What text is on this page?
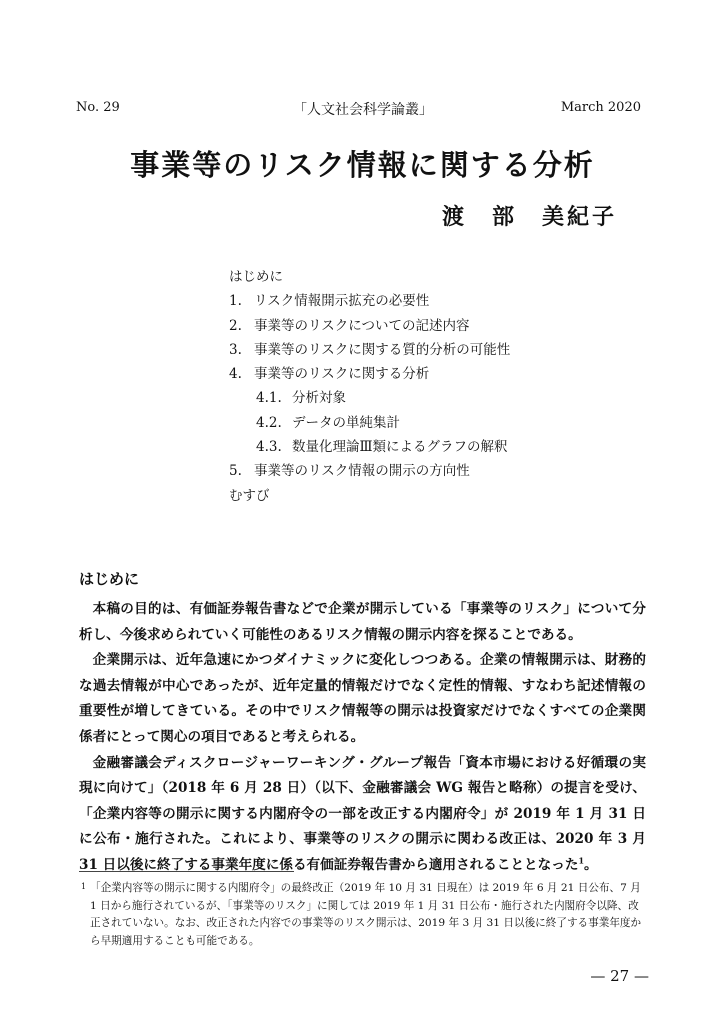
No. 29	「人文社会科学論叢」	March 2020
事業等のリスク情報に関する分析
渡　部　美紀子
はじめに
1. リスク情報開示拡充の必要性
2. 事業等のリスクについての記述内容
3. 事業等のリスクに関する質的分析の可能性
4. 事業等のリスクに関する分析
4.1. 分析対象
4.2. データの単純集計
4.3. 数量化理論Ⅲ類によるグラフの解釈
5. 事業等のリスク情報の開示の方向性
むすび
はじめに

本稿の目的は、有価証券報告書などで企業が開示している「事業等のリスク」について分析し、今後求められていく可能性のあるリスク情報の開示内容を探ることである。

企業開示は、近年急速にかつダイナミックに変化しつつある。企業の情報開示は、財務的な過去情報が中心であったが、近年定量的情報だけでなく定性的情報、すなわち記述情報の重要性が増してきている。その中でリスク情報等の開示は投資家だけでなくすべての企業関係者にとって関心の項目であると考えられる。

金融審議会ディスクロージャーワーキング・グループ報告「資本市場における好循環の実現に向けて」（2018 年 6 月 28 日）（以下、金融審議会 WG 報告と略称）の提言を受け、「企業内容等の開示に関する内閣府令の一部を改正する内閣府令」が 2019 年 1 月 31 日に公布・施行された。これにより、事業等のリスクの開示に関わる改正は、2020 年 3 月 31 日以後に終了する事業年度に係る有価証券報告書から適用されることとなった$^1$。

1 「企業内容等の開示に関する内閣府令」の最終改正（2019 年 10 月 31 日現在）は 2019 年 6 月 21 日公布、7 月 1 日から施行されているが、「事業等のリスク」に関しては 2019 年 1 月 31 日公布・施行された内閣府令以降、改正されていない。なお、改正された内容での事業等のリスク開示は、2019 年 3 月 31 日以後に終了する事業年度から早期適用することも可能である。
— 27 —
